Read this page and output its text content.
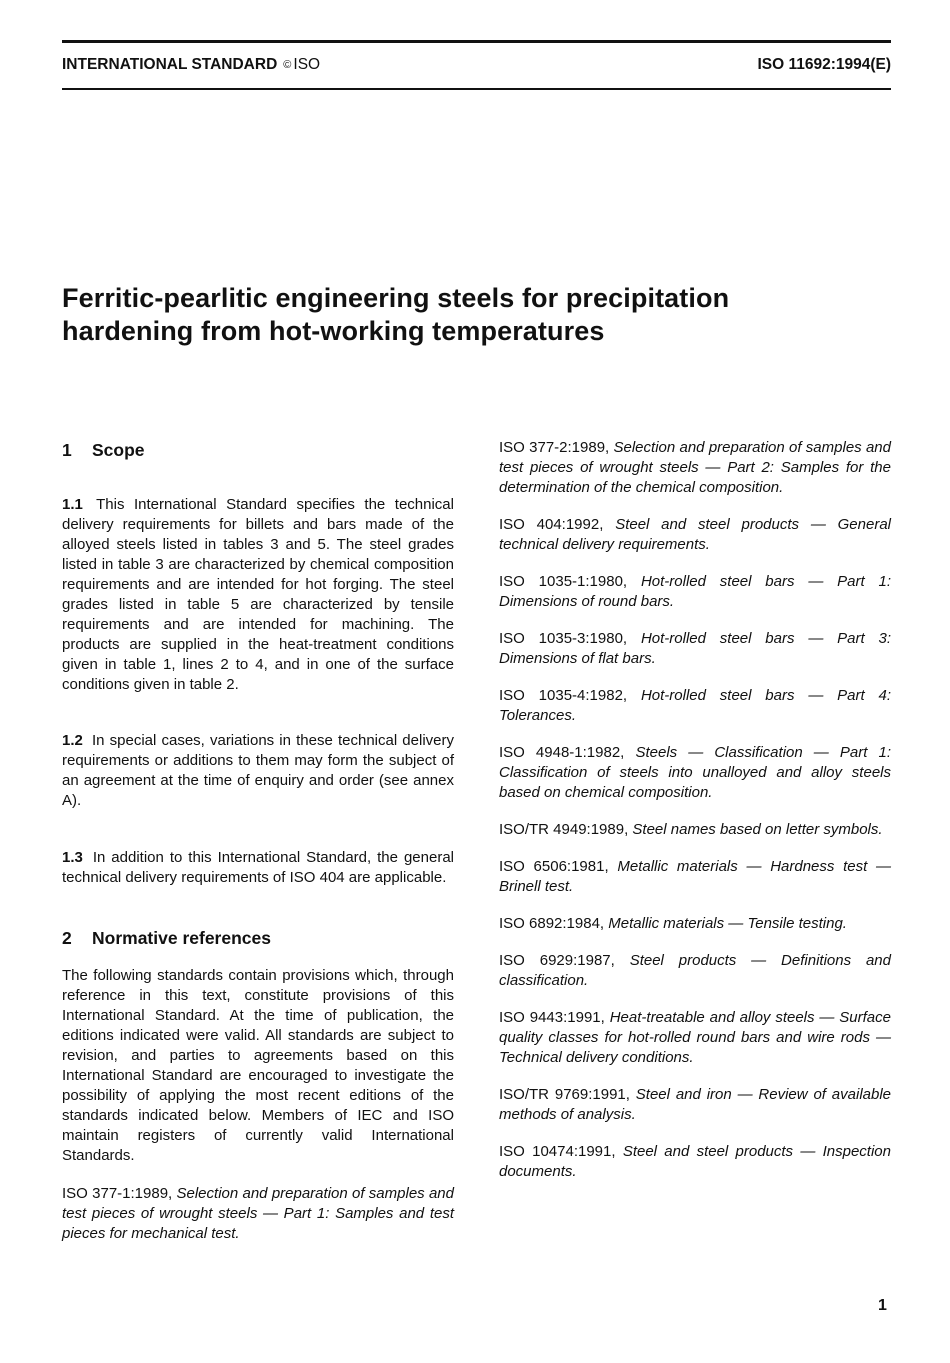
INTERNATIONAL STANDARD © ISO	ISO 11692:1994(E)
Ferritic-pearlitic engineering steels for precipitation
hardening from hot-working temperatures
1 Scope

1.1 This International Standard specifies the technical delivery requirements for billets and bars made of the alloyed steels listed in tables 3 and 5. The steel grades listed in table 3 are characterized by chemical composition requirements and are intended for hot forging. The steel grades listed in table 5 are characterized by tensile requirements and are intended for machining. The products are supplied in the heat-treatment conditions given in table 1, lines 2 to 4, and in one of the surface conditions given in table 2.

1.2 In special cases, variations in these technical delivery requirements or additions to them may form the subject of an agreement at the time of enquiry and order (see annex A).

1.3 In addition to this International Standard, the general technical delivery requirements of ISO 404 are applicable.

2 Normative references

The following standards contain provisions which, through reference in this text, constitute provisions of this International Standard. At the time of publication, the editions indicated were valid. All standards are subject to revision, and parties to agreements based on this International Standard are encouraged to investigate the possibility of applying the most recent editions of the standards indicated below. Members of IEC and ISO maintain registers of currently valid International Standards.

ISO 377-1:1989, Selection and preparation of samples and test pieces of wrought steels — Part 1: Samples and test pieces for mechanical test.

ISO 377-2:1989, Selection and preparation of samples and test pieces of wrought steels — Part 2: Samples for the determination of the chemical composition.

ISO 404:1992, Steel and steel products — General technical delivery requirements.

ISO 1035-1:1980, Hot-rolled steel bars — Part 1: Dimensions of round bars.

ISO 1035-3:1980, Hot-rolled steel bars — Part 3: Dimensions of flat bars.

ISO 1035-4:1982, Hot-rolled steel bars — Part 4: Tolerances.

ISO 4948-1:1982, Steels — Classification — Part 1: Classification of steels into unalloyed and alloy steels based on chemical composition.

ISO/TR 4949:1989, Steel names based on letter symbols.

ISO 6506:1981, Metallic materials — Hardness test — Brinell test.

ISO 6892:1984, Metallic materials — Tensile testing.

ISO 6929:1987, Steel products — Definitions and classification.

ISO 9443:1991, Heat-treatable and alloy steels — Surface quality classes for hot-rolled round bars and wire rods — Technical delivery conditions.

ISO/TR 9769:1991, Steel and iron — Review of available methods of analysis.

ISO 10474:1991, Steel and steel products — Inspection documents.

1
